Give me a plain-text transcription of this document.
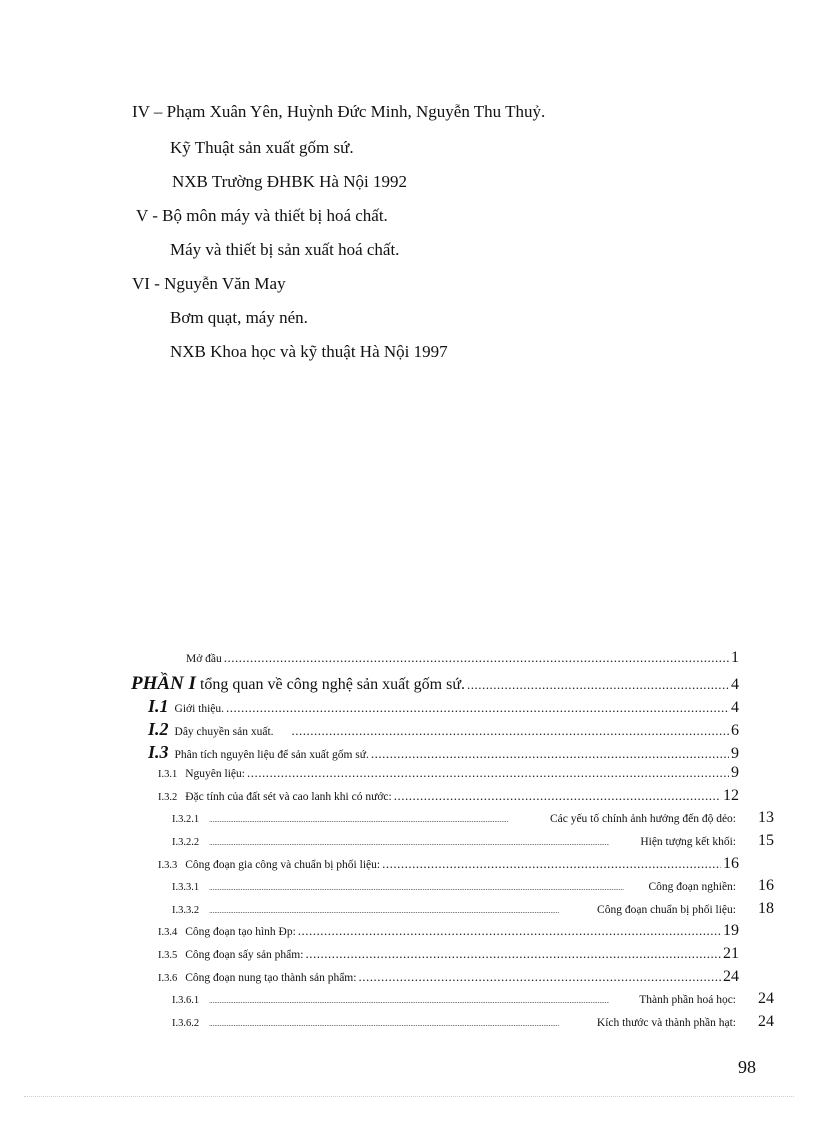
IV – Phạm Xuân Yên, Huỳnh Đức Minh, Nguyễn Thu Thuỷ.
Kỹ Thuật sản xuất gốm sứ.
NXB Trường ĐHBK Hà Nội 1992
V - Bộ môn máy và thiết bị hoá chất.
Máy và thiết bị sản xuất hoá chất.
VI - Nguyễn Văn May
Bơm quạt, máy nén.
NXB Khoa học và kỹ thuật Hà Nội 1997
Mở đầu .....	1
PHẦN I tổng quan về công nghệ sản xuất gốm sứ. .....	4
I.1 Giới thiệu. .....	4
I.2 Dây chuyền sản xuất. .....	6
I.3 Phân tích nguyên liệu để sản xuất gốm sứ. .....	9
I.3.1 Nguyên liệu: .....	9
I.3.2 Đặc tính của đất sét và cao lanh khi có nước: .....	12
I.3.2.1 .....	Các yếu tố chính ảnh hưởng đến độ dẻo: 13
I.3.2.2 .....	Hiện tượng kết khối: 15
I.3.3 Công đoạn gia công và chuẩn bị phối liệu: .....	16
I.3.3.1 .....	Công đoạn nghiền: 16
I.3.3.2 .....	Công đoạn chuẩn bị phối liệu: 18
I.3.4 Công đoạn tạo hình Đp: .....	19
I.3.5 Công đoạn sấy sản phẩm: .....	21
I.3.6 Công đoạn nung tạo thành sản phẩm: .....	24
I.3.6.1 .....	Thành phần hoá học: 24
I.3.6.2 .....	Kích thước và thành phần hạt: 24
98
